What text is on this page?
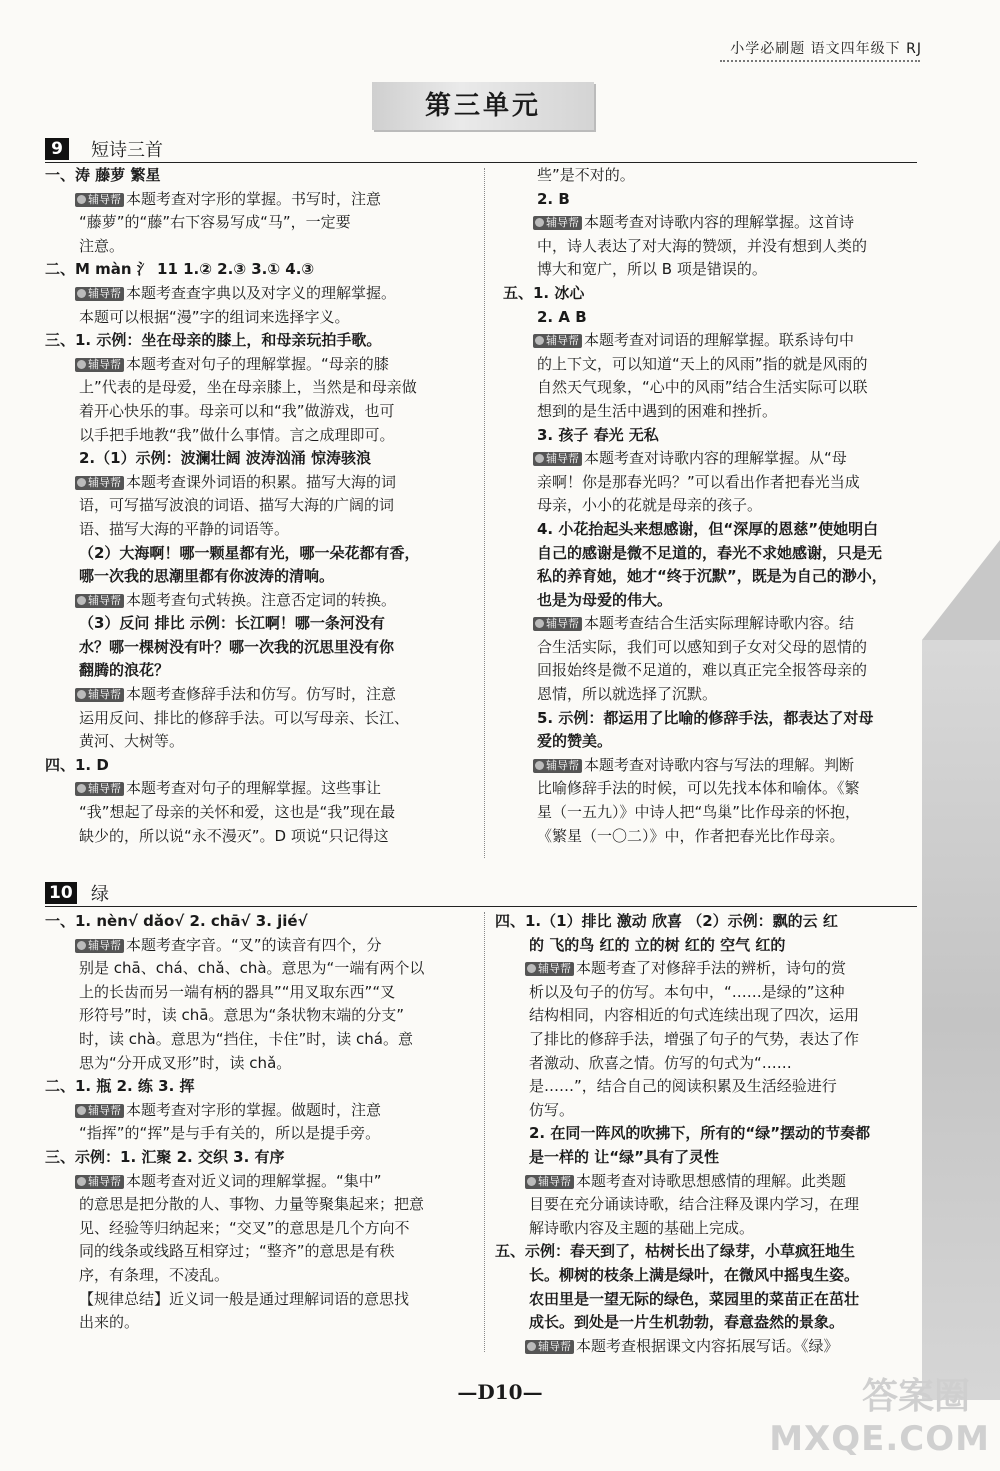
小学必刷题 语文四年级下 RJ
第三单元
9	短诗三首

一、涛 藤萝 繁星

辅导帮 本题考查对字形的掌握。书写时，注意

“藤萝”的“藤”右下容易写成“马”，一定要

注意。

二、M màn 氵 11 1.② 2.③ 3.① 4.③

辅导帮 本题考查查字典以及对字义的理解掌握。

本题可以根据“漫”字的组词来选择字义。

三、1. 示例：坐在母亲的膝上，和母亲玩拍手歌。

辅导帮 本题考查对句子的理解掌握。“母亲的膝

上”代表的是母爱，坐在母亲膝上，当然是和母亲做

着开心快乐的事。母亲可以和“我”做游戏，也可

以手把手地教“我”做什么事情。言之成理即可。

2.（1）示例：波澜壮阔 波涛汹涌 惊涛骇浪

辅导帮 本题考查课外词语的积累。描写大海的词

语，可写描写波浪的词语、描写大海的广阔的词

语、描写大海的平静的词语等。

（2）大海啊！哪一颗星都有光，哪一朵花都有香，

哪一次我的思潮里都有你波涛的清响。

辅导帮 本题考查句式转换。注意否定词的转换。

（3）反问 排比 示例：长江啊！哪一条河没有

水？哪一棵树没有叶？哪一次我的沉思里没有你

翻腾的浪花？

辅导帮 本题考查修辞手法和仿写。仿写时，注意

运用反问、排比的修辞手法。可以写母亲、长江、

黄河、大树等。

四、1. D

辅导帮 本题考查对句子的理解掌握。这些事让

“我”想起了母亲的关怀和爱，这也是“我”现在最

缺少的，所以说“永不漫灭”。D 项说“只记得这

些”是不对的。

2. B

辅导帮 本题考查对诗歌内容的理解掌握。这首诗

中，诗人表达了对大海的赞颂，并没有想到人类的

博大和宽广，所以 B 项是错误的。

五、1. 冰心

2. A B

辅导帮 本题考查对词语的理解掌握。联系诗句中

的上下文，可以知道“天上的风雨”指的就是风雨的

自然天气现象，“心中的风雨”结合生活实际可以联

想到的是生活中遇到的困难和挫折。

3. 孩子 春光 无私

辅导帮 本题考查对诗歌内容的理解掌握。从“母

亲啊！你是那春光吗？”可以看出作者把春光当成

母亲，小小的花就是母亲的孩子。

4. 小花抬起头来想感谢，但“深厚的恩慈”使她明白

自己的感谢是微不足道的，春光不求她感谢，只是无

私的养育她，她才“终于沉默”，既是为自己的渺小，

也是为母爱的伟大。

辅导帮 本题考查结合生活实际理解诗歌内容。结

合生活实际，我们可以感知到子女对父母的恩情的

回报始终是微不足道的，难以真正完全报答母亲的

恩情，所以就选择了沉默。

5. 示例：都运用了比喻的修辞手法，都表达了对母

爱的赞美。

辅导帮 本题考查对诗歌内容与写法的理解。判断

比喻修辞手法的时候，可以先找本体和喻体。《繁

星（一五九）》中诗人把“鸟巢”比作母亲的怀抱，

《繁星（一〇二）》中，作者把春光比作母亲。

10 绿

一、1. nèn√ dǎo√ 2. chā√ 3. jié√

辅导帮 本题考查字音。“叉”的读音有四个，分

别是 chā、chá、chǎ、chà。意思为“一端有两个以

上的长齿而另一端有柄的器具”“用叉取东西”“叉

形符号”时，读 chā。意思为“条状物末端的分支”

时，读 chà。意思为“挡住，卡住”时，读 chá。意

思为“分开成叉形”时，读 chǎ。

二、1. 瓶 2. 练 3. 挥

辅导帮 本题考查对字形的掌握。做题时，注意

“指挥”的“挥”是与手有关的，所以是提手旁。

三、示例：1. 汇聚 2. 交织 3. 有序

辅导帮 本题考查对近义词的理解掌握。“集中”

的意思是把分散的人、事物、力量等聚集起来；把意

见、经验等归纳起来；“交叉”的意思是几个方向不

同的线条或线路互相穿过；“整齐”的意思是有秩

序，有条理，不凌乱。

【规律总结】近义词一般是通过理解词语的意思找

出来的。

四、1.（1）排比 激动 欣喜 （2）示例：飘的云 红

的 飞的鸟 红的 立的树 红的 空气 红的

辅导帮 本题考查了对修辞手法的辨析，诗句的赏

析以及句子的仿写。本句中，“……是绿的”这种

结构相同，内容相近的句式连续出现了四次，运用

了排比的修辞手法，增强了句子的气势，表达了作

者激动、欣喜之情。仿写的句式为“……

是……”，结合自己的阅读积累及生活经验进行

仿写。

2. 在同一阵风的吹拂下，所有的“绿”摆动的节奏都

是一样的 让“绿”具有了灵性

辅导帮 本题考查对诗歌思想感情的理解。此类题

目要在充分诵读诗歌，结合注释及课内学习，在理

解诗歌内容及主题的基础上完成。

五、示例：春天到了，枯树长出了绿芽，小草疯狂地生

长。柳树的枝条上满是绿叶，在微风中摇曳生姿。

农田里是一望无际的绿色，菜园里的菜苗正在茁壮

成长。到处是一片生机勃勃，春意盎然的景象。

辅导帮 本题考查根据课文内容拓展写话。《绿》

—D10—	答案圈
MXQE.COM
